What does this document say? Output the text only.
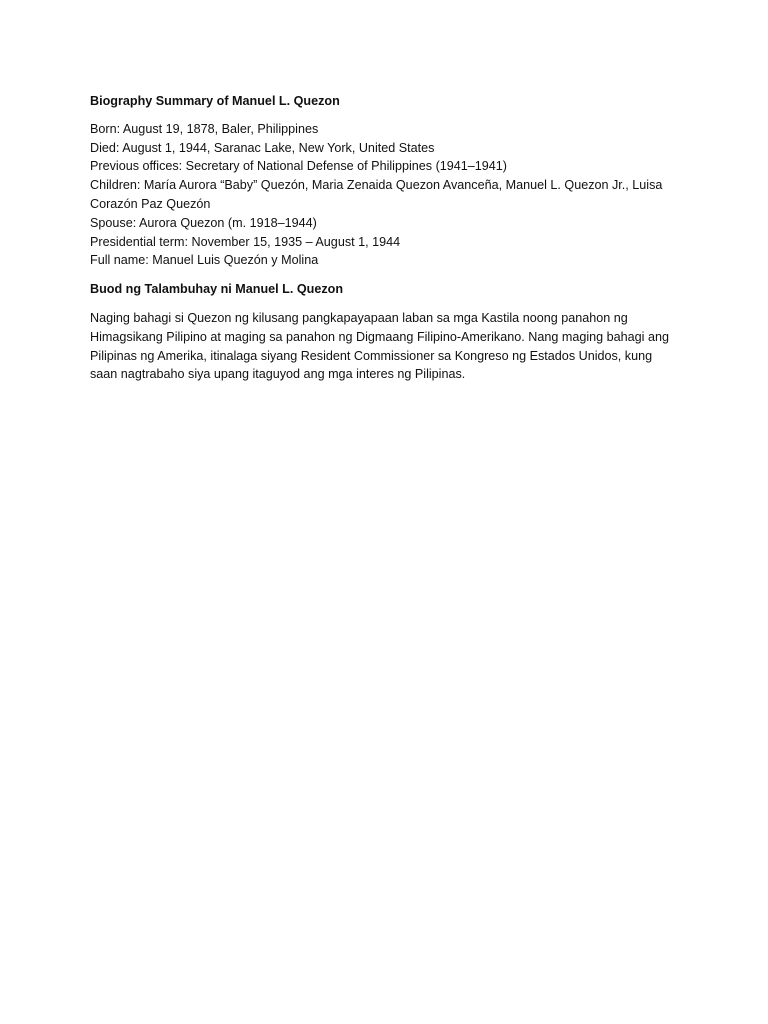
Biography Summary of Manuel L. Quezon

Born: August 19, 1878, Baler, Philippines
Died: August 1, 1944, Saranac Lake, New York, United States
Previous offices: Secretary of National Defense of Philippines (1941–1941)
Children: María Aurora “Baby” Quezón, Maria Zenaida Quezon Avanceña, Manuel L. Quezon Jr., Luisa Corazón Paz Quezón
Spouse: Aurora Quezon (m. 1918–1944)
Presidential term: November 15, 1935 – August 1, 1944
Full name: Manuel Luis Quezón y Molina

Buod ng Talambuhay ni Manuel L. Quezon

Naging bahagi si Quezon ng kilusang pangkapayapaan laban sa mga Kastila noong panahon ng Himagsikang Pilipino at maging sa panahon ng Digmaang Filipino-Amerikano. Nang maging bahagi ang Pilipinas ng Amerika, itinalaga siyang Resident Commissioner sa Kongreso ng Estados Unidos, kung saan nagtrabaho siya upang itaguyod ang mga interes ng Pilipinas.
